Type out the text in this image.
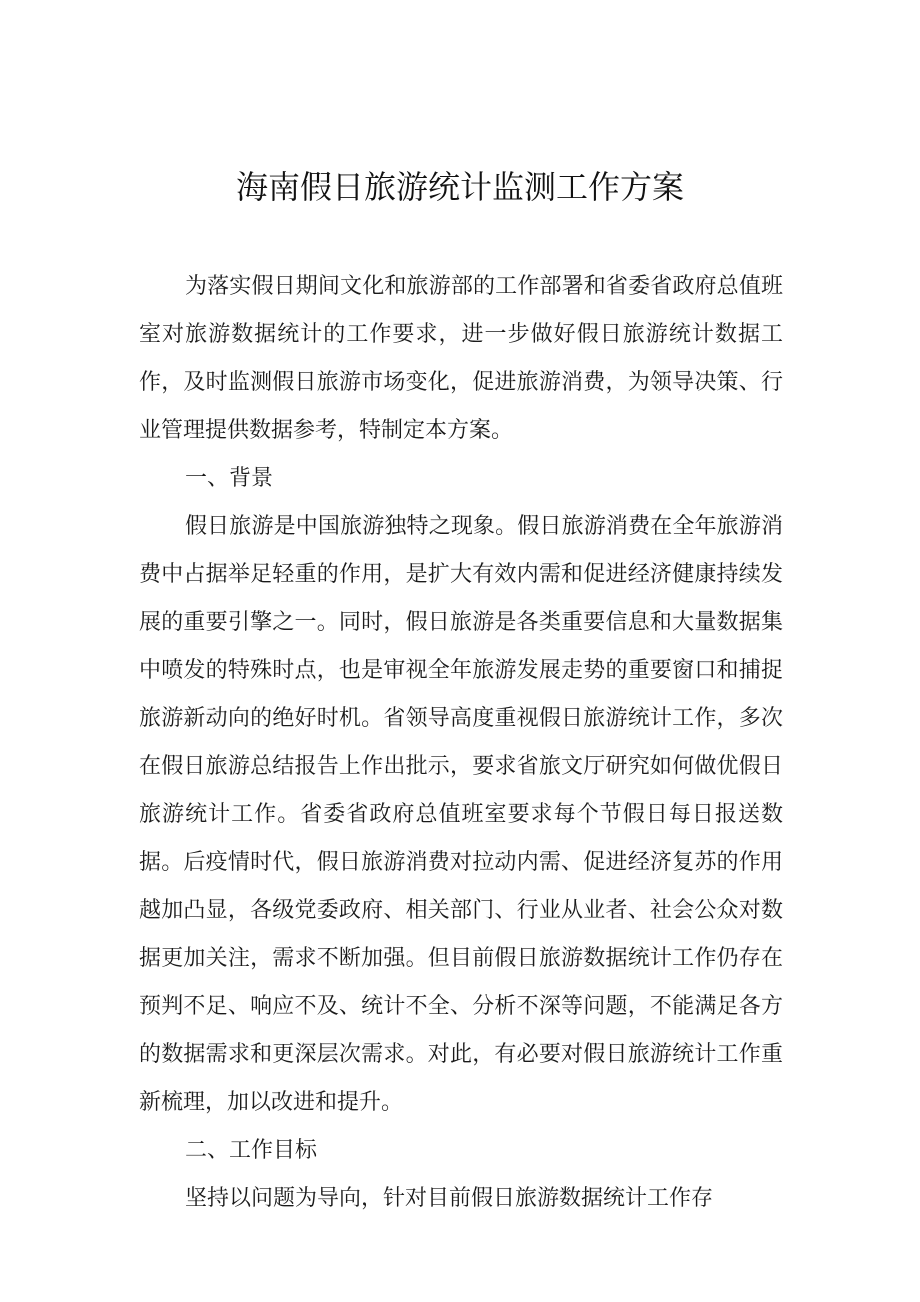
海南假日旅游统计监测工作方案

为落实假日期间文化和旅游部的工作部署和省委省政府总值班室对旅游数据统计的工作要求，进一步做好假日旅游统计数据工作，及时监测假日旅游市场变化，促进旅游消费，为领导决策、行业管理提供数据参考，特制定本方案。

一、背景

假日旅游是中国旅游独特之现象。假日旅游消费在全年旅游消费中占据举足轻重的作用，是扩大有效内需和促进经济健康持续发展的重要引擎之一。同时，假日旅游是各类重要信息和大量数据集中喷发的特殊时点，也是审视全年旅游发展走势的重要窗口和捕捉旅游新动向的绝好时机。省领导高度重视假日旅游统计工作，多次在假日旅游总结报告上作出批示，要求省旅文厅研究如何做优假日旅游统计工作。省委省政府总值班室要求每个节假日每日报送数据。后疫情时代，假日旅游消费对拉动内需、促进经济复苏的作用越加凸显，各级党委政府、相关部门、行业从业者、社会公众对数据更加关注，需求不断加强。但目前假日旅游数据统计工作仍存在预判不足、响应不及、统计不全、分析不深等问题，不能满足各方的数据需求和更深层次需求。对此，有必要对假日旅游统计工作重新梳理，加以改进和提升。

二、工作目标

坚持以问题为导向，针对目前假日旅游数据统计工作存
